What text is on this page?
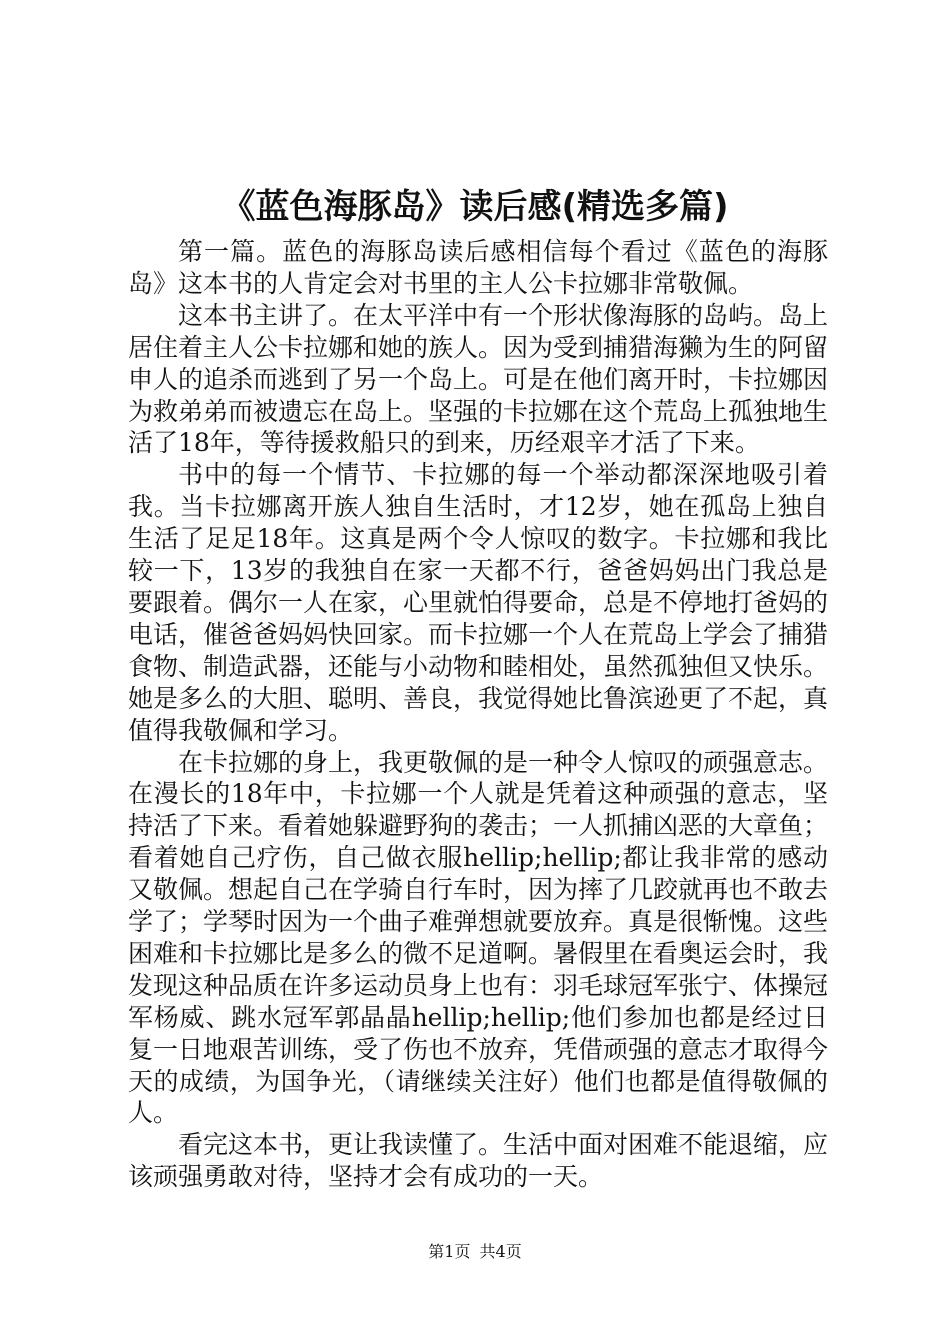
《蓝色海豚岛》读后感(精选多篇)

第一篇。蓝色的海豚岛读后感相信每个看过《蓝色的海豚岛》这本书的人肯定会对书里的主人公卡拉娜非常敬佩。

这本书主讲了。在太平洋中有一个形状像海豚的岛屿。岛上居住着主人公卡拉娜和她的族人。因为受到捕猎海獭为生的阿留申人的追杀而逃到了另一个岛上。可是在他们离开时，卡拉娜因为救弟弟而被遗忘在岛上。坚强的卡拉娜在这个荒岛上孤独地生活了18年，等待援救船只的到来，历经艰辛才活了下来。

书中的每一个情节、卡拉娜的每一个举动都深深地吸引着我。当卡拉娜离开族人独自生活时，才12岁，她在孤岛上独自生活了足足18年。这真是两个令人惊叹的数字。卡拉娜和我比较一下，13岁的我独自在家一天都不行，爸爸妈妈出门我总是要跟着。偶尔一人在家，心里就怕得要命，总是不停地打爸妈的电话，催爸爸妈妈快回家。而卡拉娜一个人在荒岛上学会了捕猎食物、制造武器，还能与小动物和睦相处，虽然孤独但又快乐。她是多么的大胆、聪明、善良，我觉得她比鲁滨逊更了不起，真值得我敬佩和学习。

在卡拉娜的身上，我更敬佩的是一种令人惊叹的顽强意志。在漫长的18年中，卡拉娜一个人就是凭着这种顽强的意志，坚持活了下来。看着她躲避野狗的袭击；一人抓捕凶恶的大章鱼；看着她自己疗伤，自己做衣服hellip;hellip;都让我非常的感动又敬佩。想起自己在学骑自行车时，因为摔了几跤就再也不敢去学了；学琴时因为一个曲子难弹想就要放弃。真是很惭愧。这些困难和卡拉娜比是多么的微不足道啊。暑假里在看奥运会时，我发现这种品质在许多运动员身上也有：羽毛球冠军张宁、体操冠军杨威、跳水冠军郭晶晶hellip;hellip;他们参加也都是经过日复一日地艰苦训练，受了伤也不放弃，凭借顽强的意志才取得今天的成绩，为国争光，（请继续关注好）他们也都是值得敬佩的人。

看完这本书，更让我读懂了。生活中面对困难不能退缩，应该顽强勇敢对待，坚持才会有成功的一天。

第1页 共4页
